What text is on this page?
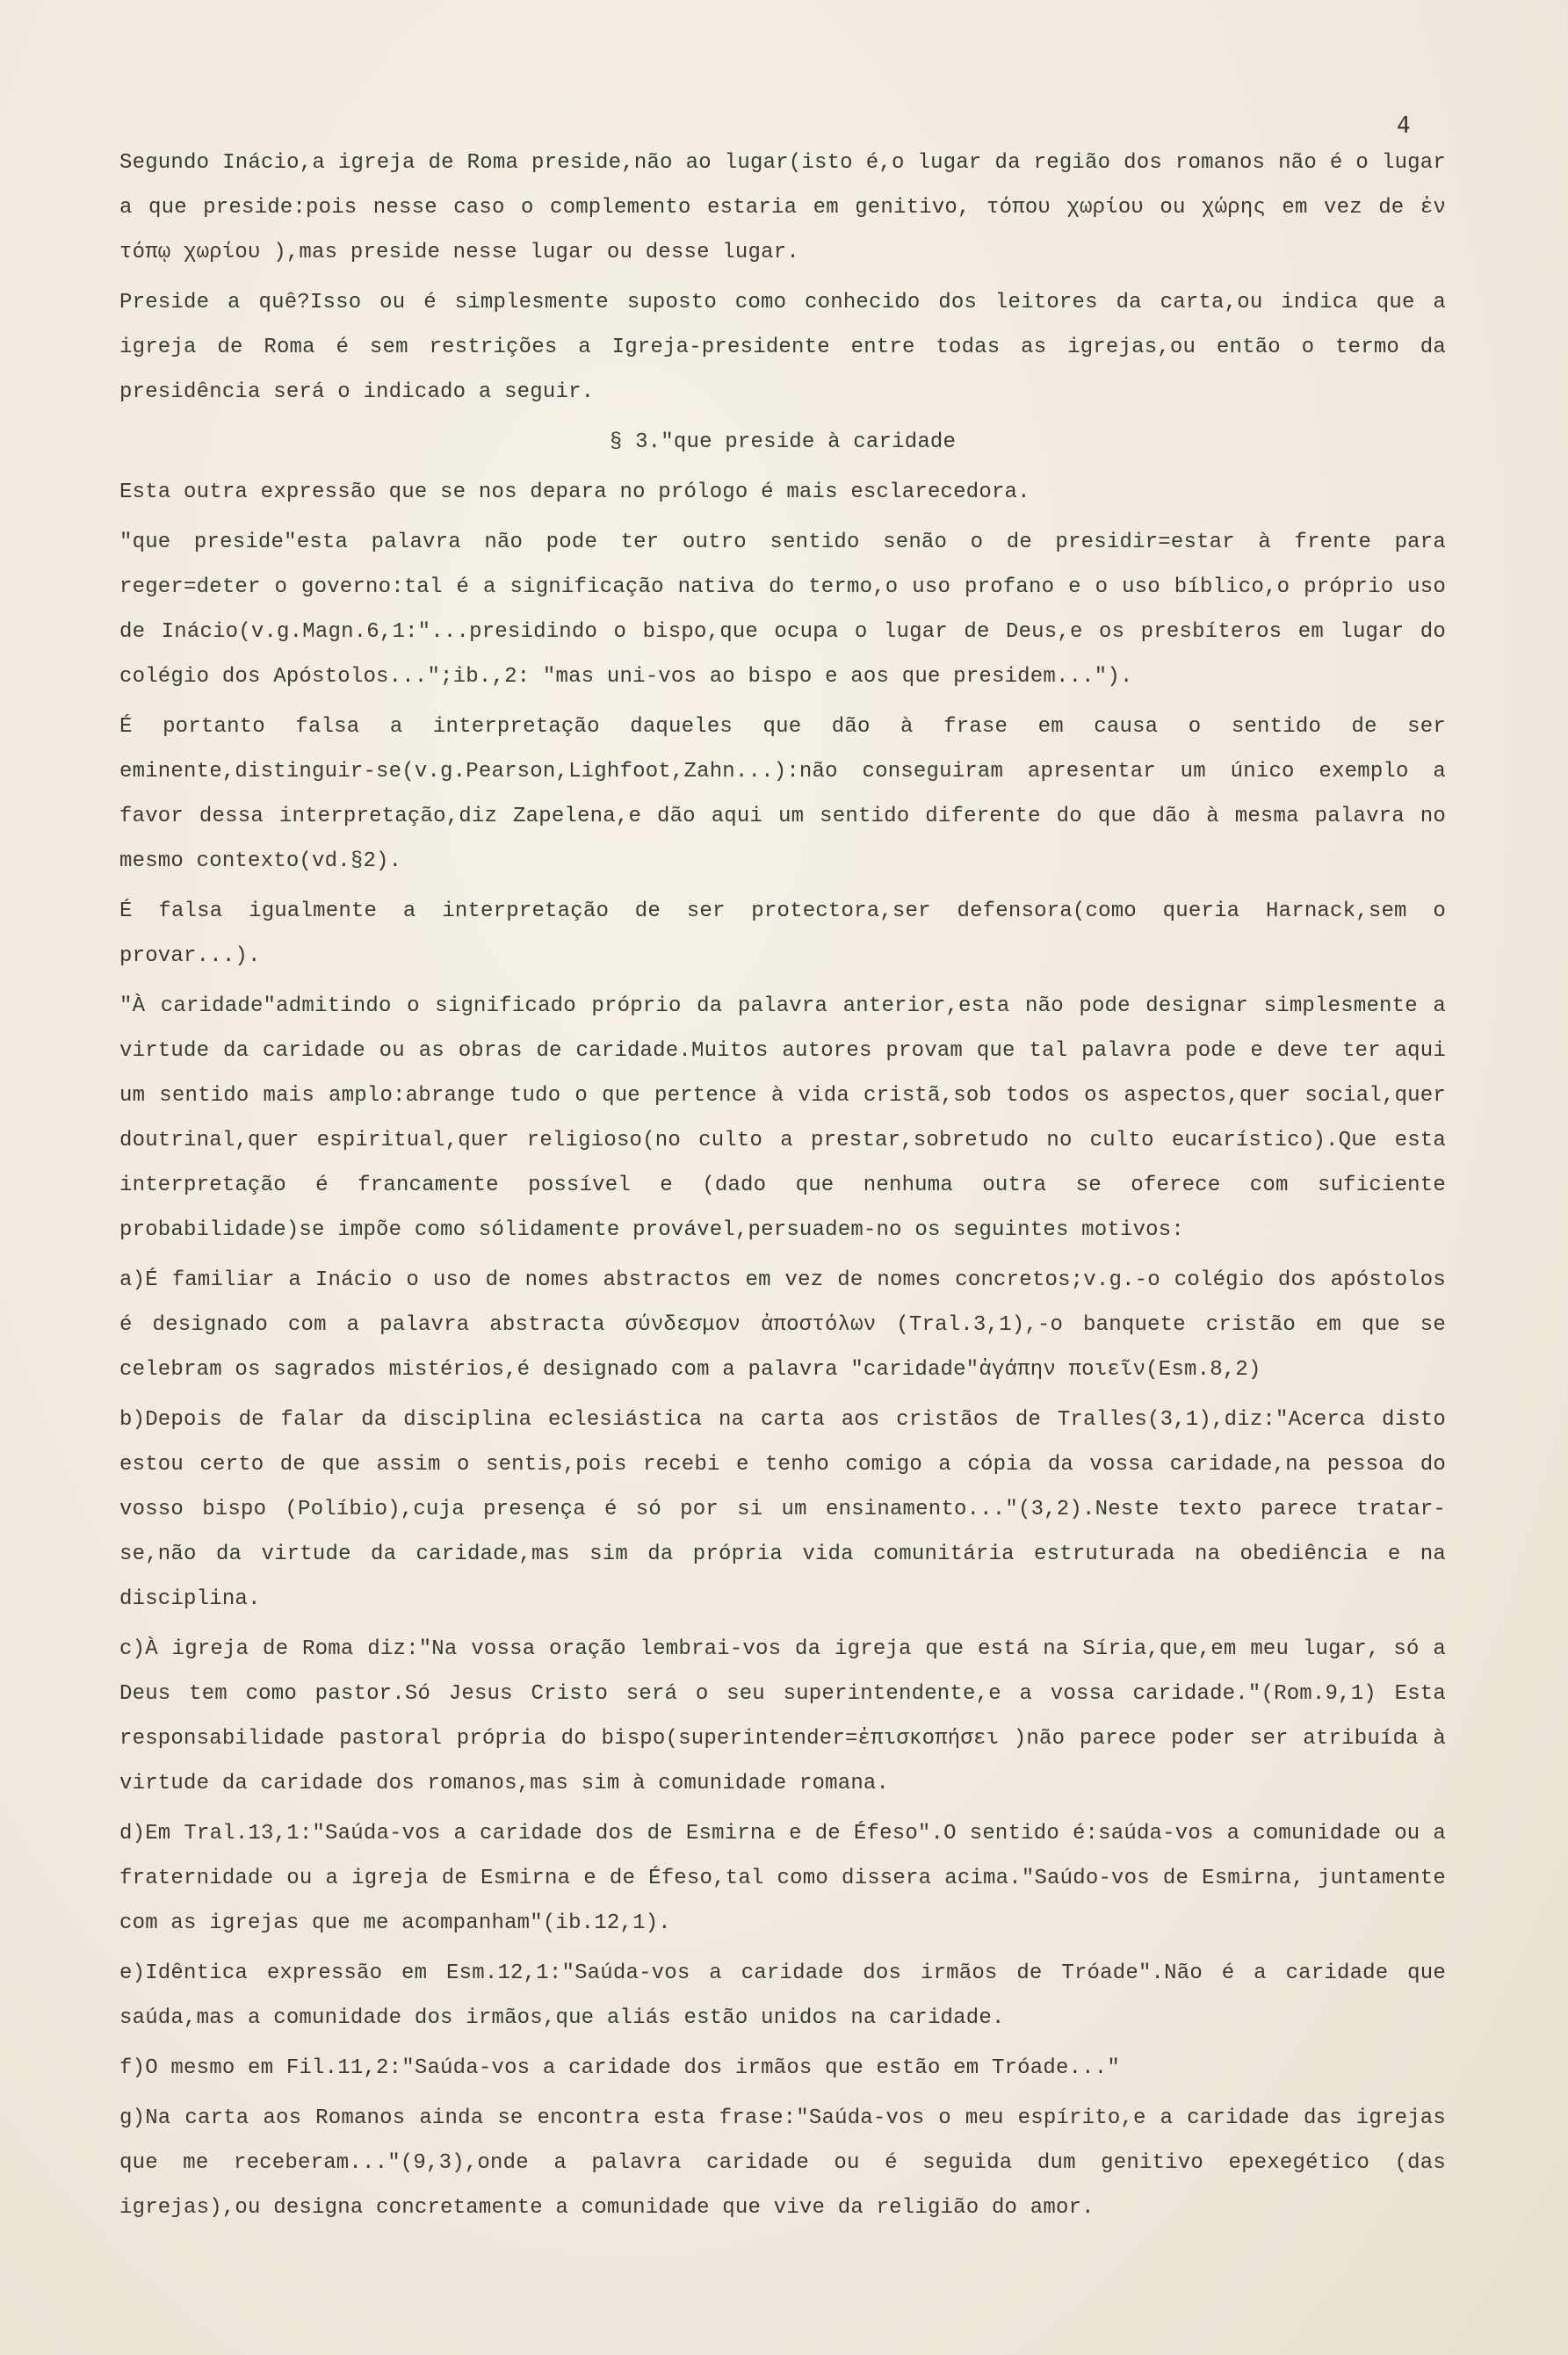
4

Segundo Inácio,a igreja de Roma preside,não ao lugar(isto é,o lugar da região dos romanos não é o lugar a que preside:pois nesse caso o complemento estaria em genitivo, τόπου χωρίου ou χώρης em vez de ἐν τόπῳ χωρίου ),mas preside nesse lugar ou desse lugar.

Preside a quê?Isso ou é simplesmente suposto como conhecido dos leitores da carta,ou indica que a igreja de Roma é sem restrições a Igreja-presidente entre todas as igrejas,ou então o termo da presidência será o indicado a seguir.

§ 3."que preside à caridade

Esta outra expressão que se nos depara no prólogo é mais esclarecedora.

"que preside"esta palavra não pode ter outro sentido senão o de presidir=estar à frente para reger=deter o governo:tal é a significação nativa do termo,o uso profano e o uso bíblico,o próprio uso de Inácio(v.g.Magn.6,1:"...presidindo o bispo,que ocupa o lugar de Deus,e os presbíteros em lugar do colégio dos Apóstolos...";ib.,2: "mas uni-vos ao bispo e aos que presidem...").

É portanto falsa a interpretação daqueles que dão à frase em causa o sentido de ser eminente,distinguir-se(v.g.Pearson,Lighfoot,Zahn...):não conseguiram apresentar um único exemplo a favor dessa interpretação,diz Zapelena,e dão aqui um sentido diferente do que dão à mesma palavra no mesmo contexto(vd.§2).

É falsa igualmente a interpretação de ser protectora,ser defensora(como queria Harnack,sem o provar...).

"À caridade"admitindo o significado próprio da palavra anterior,esta não pode designar simplesmente a virtude da caridade ou as obras de caridade.Muitos autores provam que tal palavra pode e deve ter aqui um sentido mais amplo:abrange tudo o que pertence à vida cristã,sob todos os aspectos,quer social,quer doutrinal,quer espiritual,quer religioso(no culto a prestar,sobretudo no culto eucarístico).Que esta interpretação é francamente possível e (dado que nenhuma outra se oferece com suficiente probabilidade)se impõe como sólidamente provável,persuadem-no os seguintes motivos:

a)É familiar a Inácio o uso de nomes abstractos em vez de nomes concretos;v.g.-o colégio dos apóstolos é designado com a palavra abstracta σύνδεσμον ἀποστόλων (Tral.3,1),-o banquete cristão em que se celebram os sagrados mistérios,é designado com a palavra "caridade"ἀγάπην ποιεῖν(Esm.8,2)

b)Depois de falar da disciplina eclesiástica na carta aos cristãos de Tralles(3,1),diz:"Acerca disto estou certo de que assim o sentis,pois recebi e tenho comigo a cópia da vossa caridade,na pessoa do vosso bispo (Políbio),cuja presença é só por si um ensinamento..."(3,2).Neste texto parece tratar-se,não da virtude da caridade,mas sim da própria vida comunitária estruturada na obediência e na disciplina.

c)À igreja de Roma diz:"Na vossa oração lembrai-vos da igreja que está na Síria,que,em meu lugar, só a Deus tem como pastor.Só Jesus Cristo será o seu superintendente,e a vossa caridade."(Rom.9,1) Esta responsabilidade pastoral própria do bispo(superintender=ἐπισκοπήσει )não parece poder ser atribuída à virtude da caridade dos romanos,mas sim à comunidade romana.

d)Em Tral.13,1:"Saúda-vos a caridade dos de Esmirna e de Éfeso".O sentido é:saúda-vos a comunidade ou a fraternidade ou a igreja de Esmirna e de Éfeso,tal como dissera acima."Saúdo-vos de Esmirna, juntamente com as igrejas que me acompanham"(ib.12,1).

e)Idêntica expressão em Esm.12,1:"Saúda-vos a caridade dos irmãos de Tróade".Não é a caridade que saúda,mas a comunidade dos irmãos,que aliás estão unidos na caridade.

f)O mesmo em Fil.11,2:"Saúda-vos a caridade dos irmãos que estão em Tróade..."

g)Na carta aos Romanos ainda se encontra esta frase:"Saúda-vos o meu espírito,e a caridade das igrejas que me receberam..."(9,3),onde a palavra caridade ou é seguida dum genitivo epexegético (das igrejas),ou designa concretamente a comunidade que vive da religião do amor.
